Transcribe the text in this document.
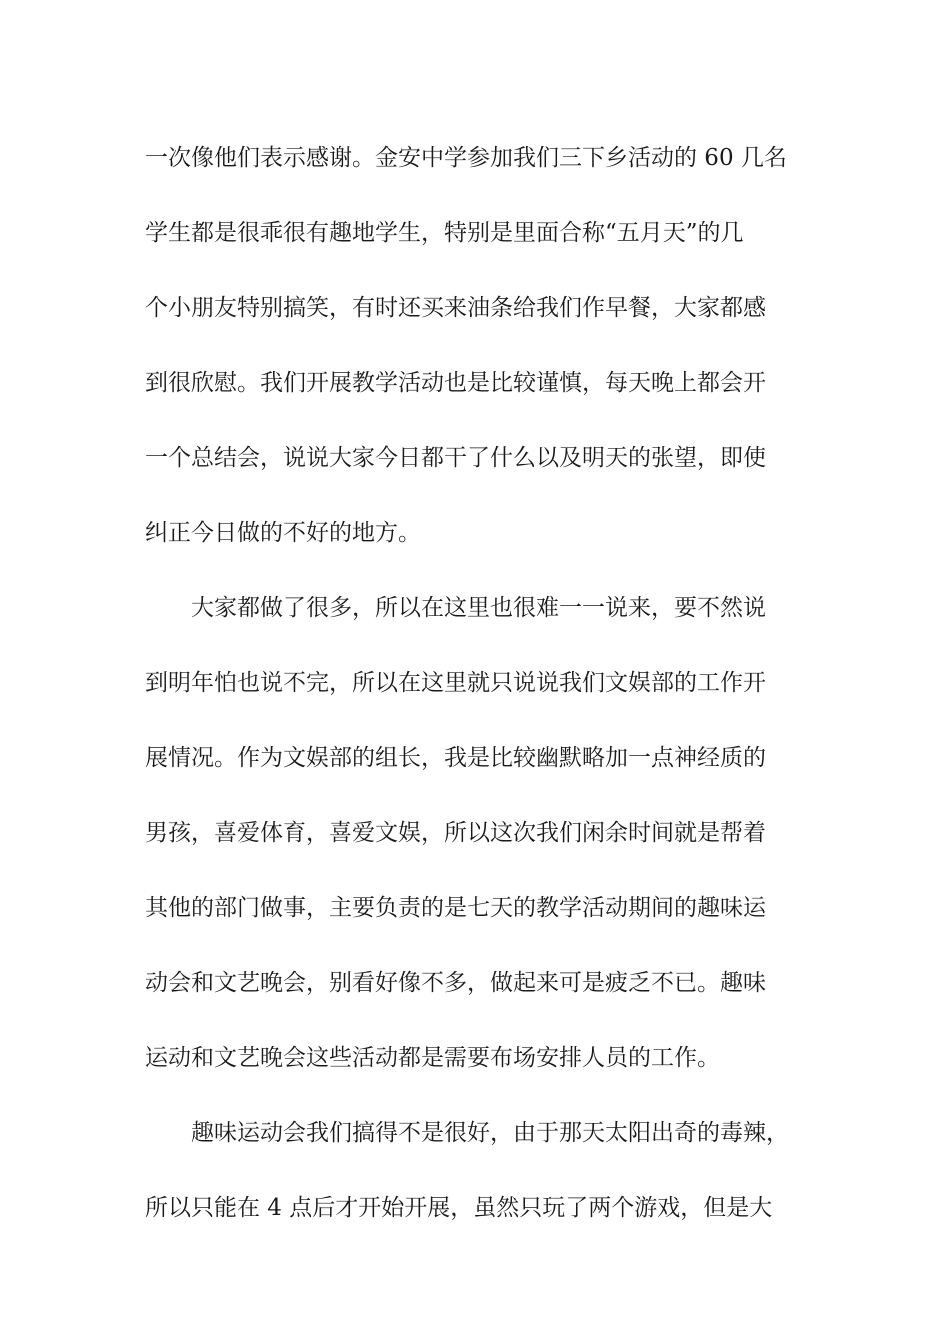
一次像他们表示感谢。金安中学参加我们三下乡活动的 60 几名
学生都是很乖很有趣地学生，特别是里面合称“五月天”的几
个小朋友特别搞笑，有时还买来油条给我们作早餐，大家都感
到很欣慰。我们开展教学活动也是比较谨慎，每天晚上都会开
一个总结会，说说大家今日都干了什么以及明天的张望，即使
纠正今日做的不好的地方。
　　大家都做了很多，所以在这里也很难一一说来，要不然说
到明年怕也说不完，所以在这里就只说说我们文娱部的工作开
展情况。作为文娱部的组长，我是比较幽默略加一点神经质的
男孩，喜爱体育，喜爱文娱，所以这次我们闲余时间就是帮着
其他的部门做事，主要负责的是七天的教学活动期间的趣味运
动会和文艺晚会，别看好像不多，做起来可是疲乏不已。趣味
运动和文艺晚会这些活动都是需要布场安排人员的工作。
　　趣味运动会我们搞得不是很好，由于那天太阳出奇的毒辣，
所以只能在 4 点后才开始开展，虽然只玩了两个游戏，但是大
